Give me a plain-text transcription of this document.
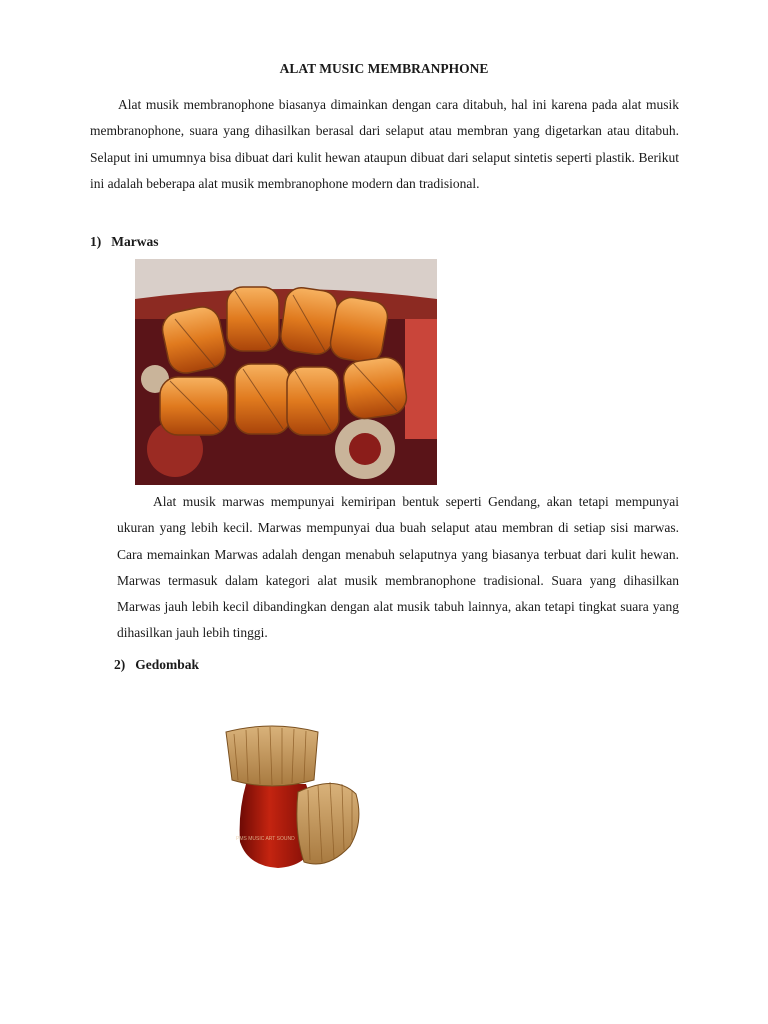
ALAT MUSIC MEMBRANPHONE

Alat musik membranophone biasanya dimainkan dengan cara ditabuh, hal ini karena pada alat musik membranophone, suara yang dihasilkan berasal dari selaput atau membran yang digetarkan atau ditabuh. Selaput ini umumnya bisa dibuat dari kulit hewan ataupun dibuat dari selaput sintetis seperti plastik. Berikut ini adalah beberapa alat musik membranophone modern dan tradisional.

1) Marwas

Alat musik marwas mempunyai kemiripan bentuk seperti Gendang, akan tetapi mempunyai ukuran yang lebih kecil. Marwas mempunyai dua buah selaput atau membran di setiap sisi marwas. Cara memainkan Marwas adalah dengan menabuh selaputnya yang biasanya terbuat dari kulit hewan. Marwas termasuk dalam kategori alat musik membranophone tradisional. Suara yang dihasilkan Marwas jauh lebih kecil dibandingkan dengan alat musik tabuh lainnya, akan tetapi tingkat suara yang dihasilkan jauh lebih tinggi.

2) Gedombak
PMS MUSIC ART SOUND
